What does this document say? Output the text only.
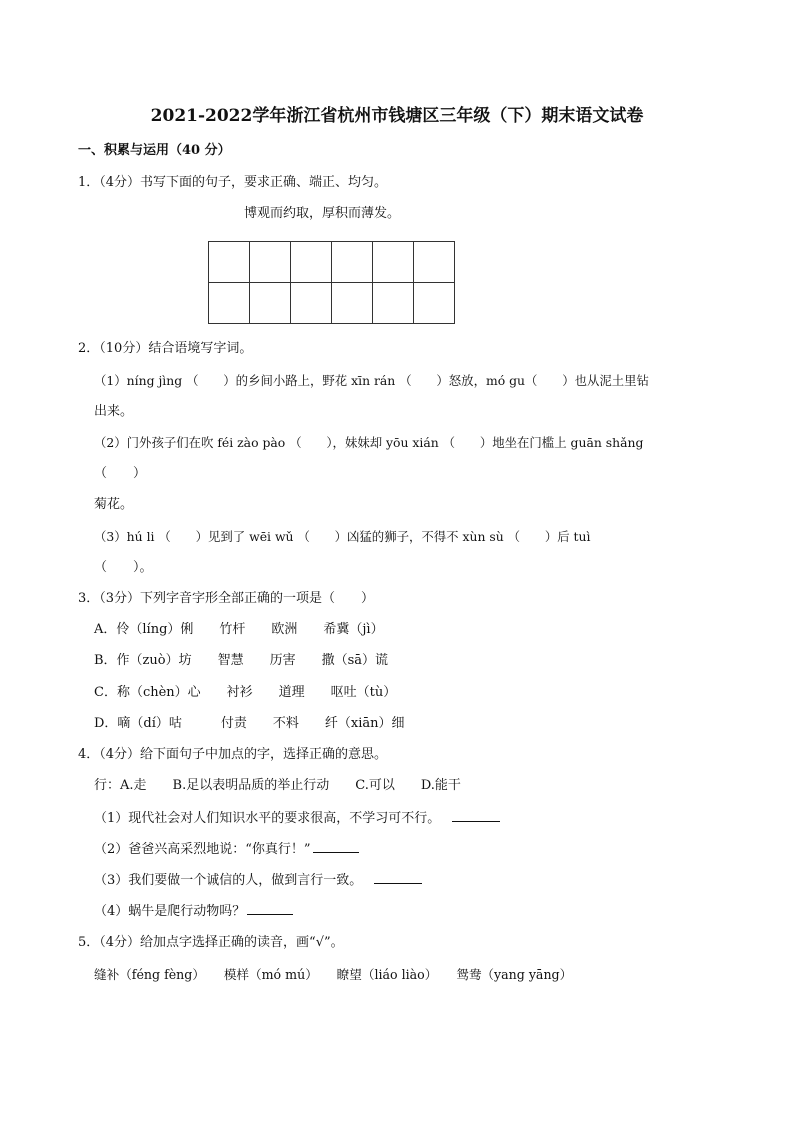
2021-2022学年浙江省杭州市钱塘区三年级（下）期末语文试卷
一、积累与运用（40 分）
1．（4分）书写下面的句子，要求正确、端正、均匀。
博观而约取，厚积而薄发。

2．（10分）结合语境写字词。
（1）níng jìng （　　）的乡间小路上，野花 xīn rán （　　）怒放，mó gu（　　）也从泥土里钻
出来。
（2）门外孩子们在吹 féi zào pào （　　），妹妹却 yōu xián （　　）地坐在门槛上 guān shǎng
（　　）
菊花。
（3）hú li （　　）见到了 wēi wǔ （　　）凶猛的狮子，不得不 xùn sù （　　）后 tuì
（　　）。
3．（3分）下列字音字形全部正确的一项是（　　）
A．伶（líng）俐　　竹杆　　欧洲　　希冀（jì）
B．作（zuò）坊　　智慧　　历害　　撒（sā）谎
C．称（chèn）心　　衬衫　　道理　　呕吐（tù）
D．嘀（dí）咕　　　付责　　不料　　纤（xiān）细
4．（4分）给下面句子中加点的字，选择正确的意思。
行：A.走　　B.足以表明品质的举止行动　　C.可以　　D.能干
（1）现代社会对人们知识水平的要求很高，不学习可不行。
（2）爸爸兴高采烈地说：“你真行！”
（3）我们要做一个诚信的人，做到言行一致。
（4）蜗牛是爬行动物吗？
5．（4分）给加点字选择正确的读音，画“√”。
缝补（féng fèng）　　模样（mó mú）　　瞭望（liáo liào）　　鸳鸯（yang yāng）
